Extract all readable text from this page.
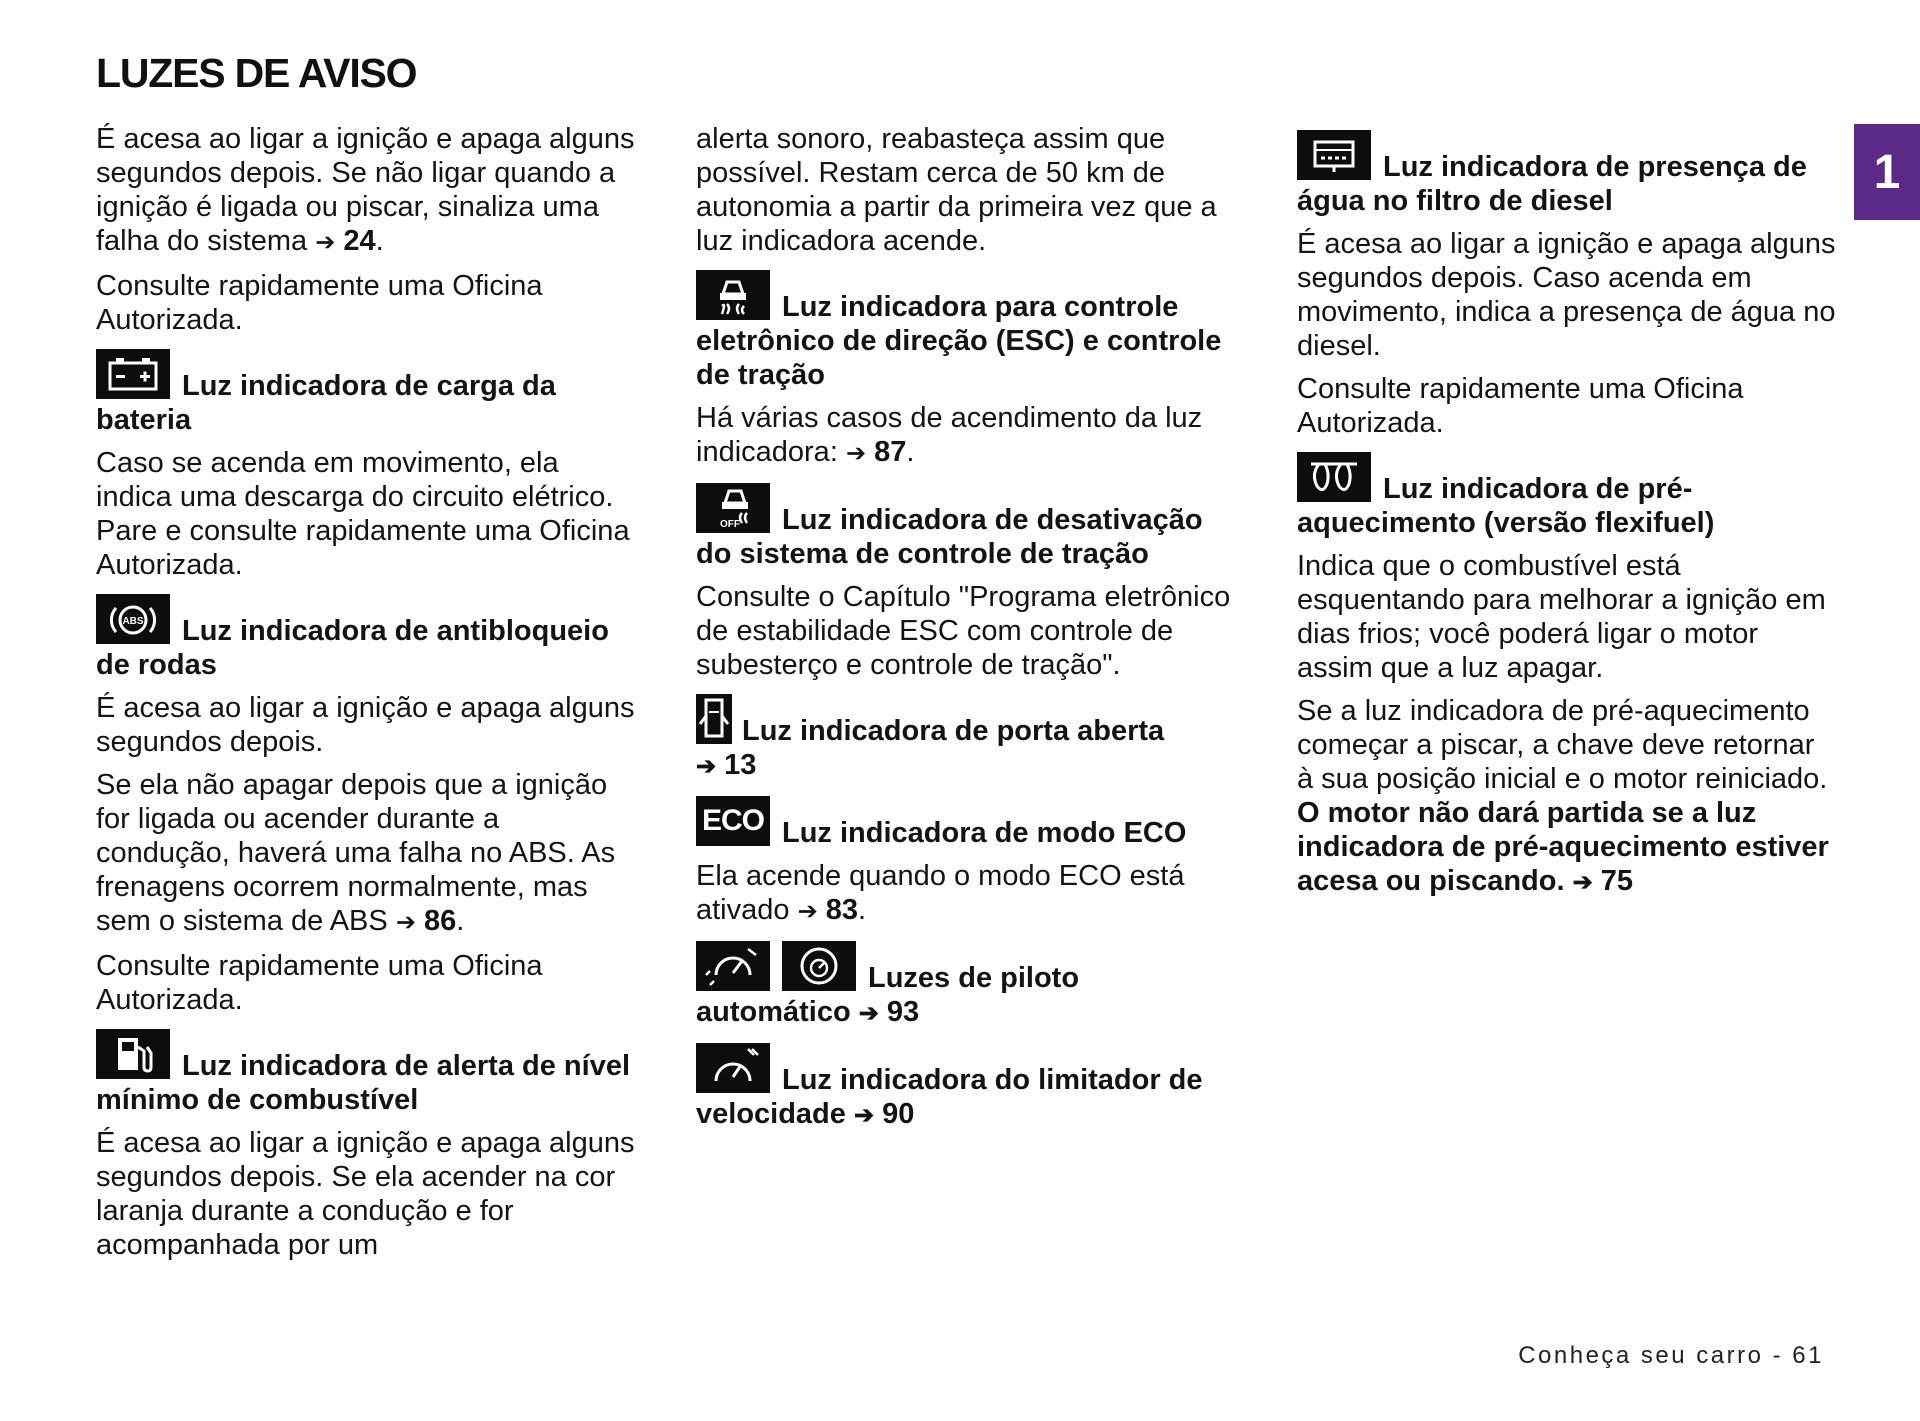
LUZES DE AVISO
1

É acesa ao ligar a ignição e apaga alguns segundos depois. Se não ligar quando a ignição é ligada ou piscar, sinaliza uma falha do sistema ➔ 24.

Consulte rapidamente uma Oficina Autorizada.

Luz indicadora de carga da bateria

Caso se acenda em movimento, ela indica uma descarga do circuito elétrico. Pare e consulte rapidamente uma Oficina Autorizada.

ABS Luz indicadora de antibloqueio de rodas

É acesa ao ligar a ignição e apaga alguns segundos depois.

Se ela não apagar depois que a ignição for ligada ou acender durante a condução, haverá uma falha no ABS. As frenagens ocorrem normalmente, mas sem o sistema de ABS ➔ 86.

Consulte rapidamente uma Oficina Autorizada.

Luz indicadora de alerta de nível mínimo de combustível

É acesa ao ligar a ignição e apaga alguns segundos depois. Se ela acender na cor laranja durante a condução e for acompanhada por um

alerta sonoro, reabasteça assim que possível. Restam cerca de 50 km de autonomia a partir da primeira vez que a luz indicadora acende.

Luz indicadora para controle eletrônico de direção (ESC) e controle de tração

Há várias casos de acendimento da luz indicadora: ➔ 87.

OFF Luz indicadora de desativação do sistema de controle de tração

Consulte o Capítulo "Programa eletrônico de estabilidade ESC com controle de subesterço e controle de tração".

Luz indicadora de porta aberta
➔ 13

ECO Luz indicadora de modo ECO

Ela acende quando o modo ECO está ativado ➔ 83.

Luzes de piloto automático ➔ 93

Luz indicadora do limitador de velocidade ➔ 90

Luz indicadora de presença de água no filtro de diesel

É acesa ao ligar a ignição e apaga alguns segundos depois. Caso acenda em movimento, indica a presença de água no diesel.

Consulte rapidamente uma Oficina Autorizada.

Luz indicadora de pré-aquecimento (versão flexifuel)

Indica que o combustível está esquentando para melhorar a ignição em dias frios; você poderá ligar o motor assim que a luz apagar.

Se a luz indicadora de pré-aquecimento começar a piscar, a chave deve retornar à sua posição inicial e o motor reiniciado. O motor não dará partida se a luz indicadora de pré-aquecimento estiver acesa ou piscando. ➔ 75

Conheça seu carro - 61
